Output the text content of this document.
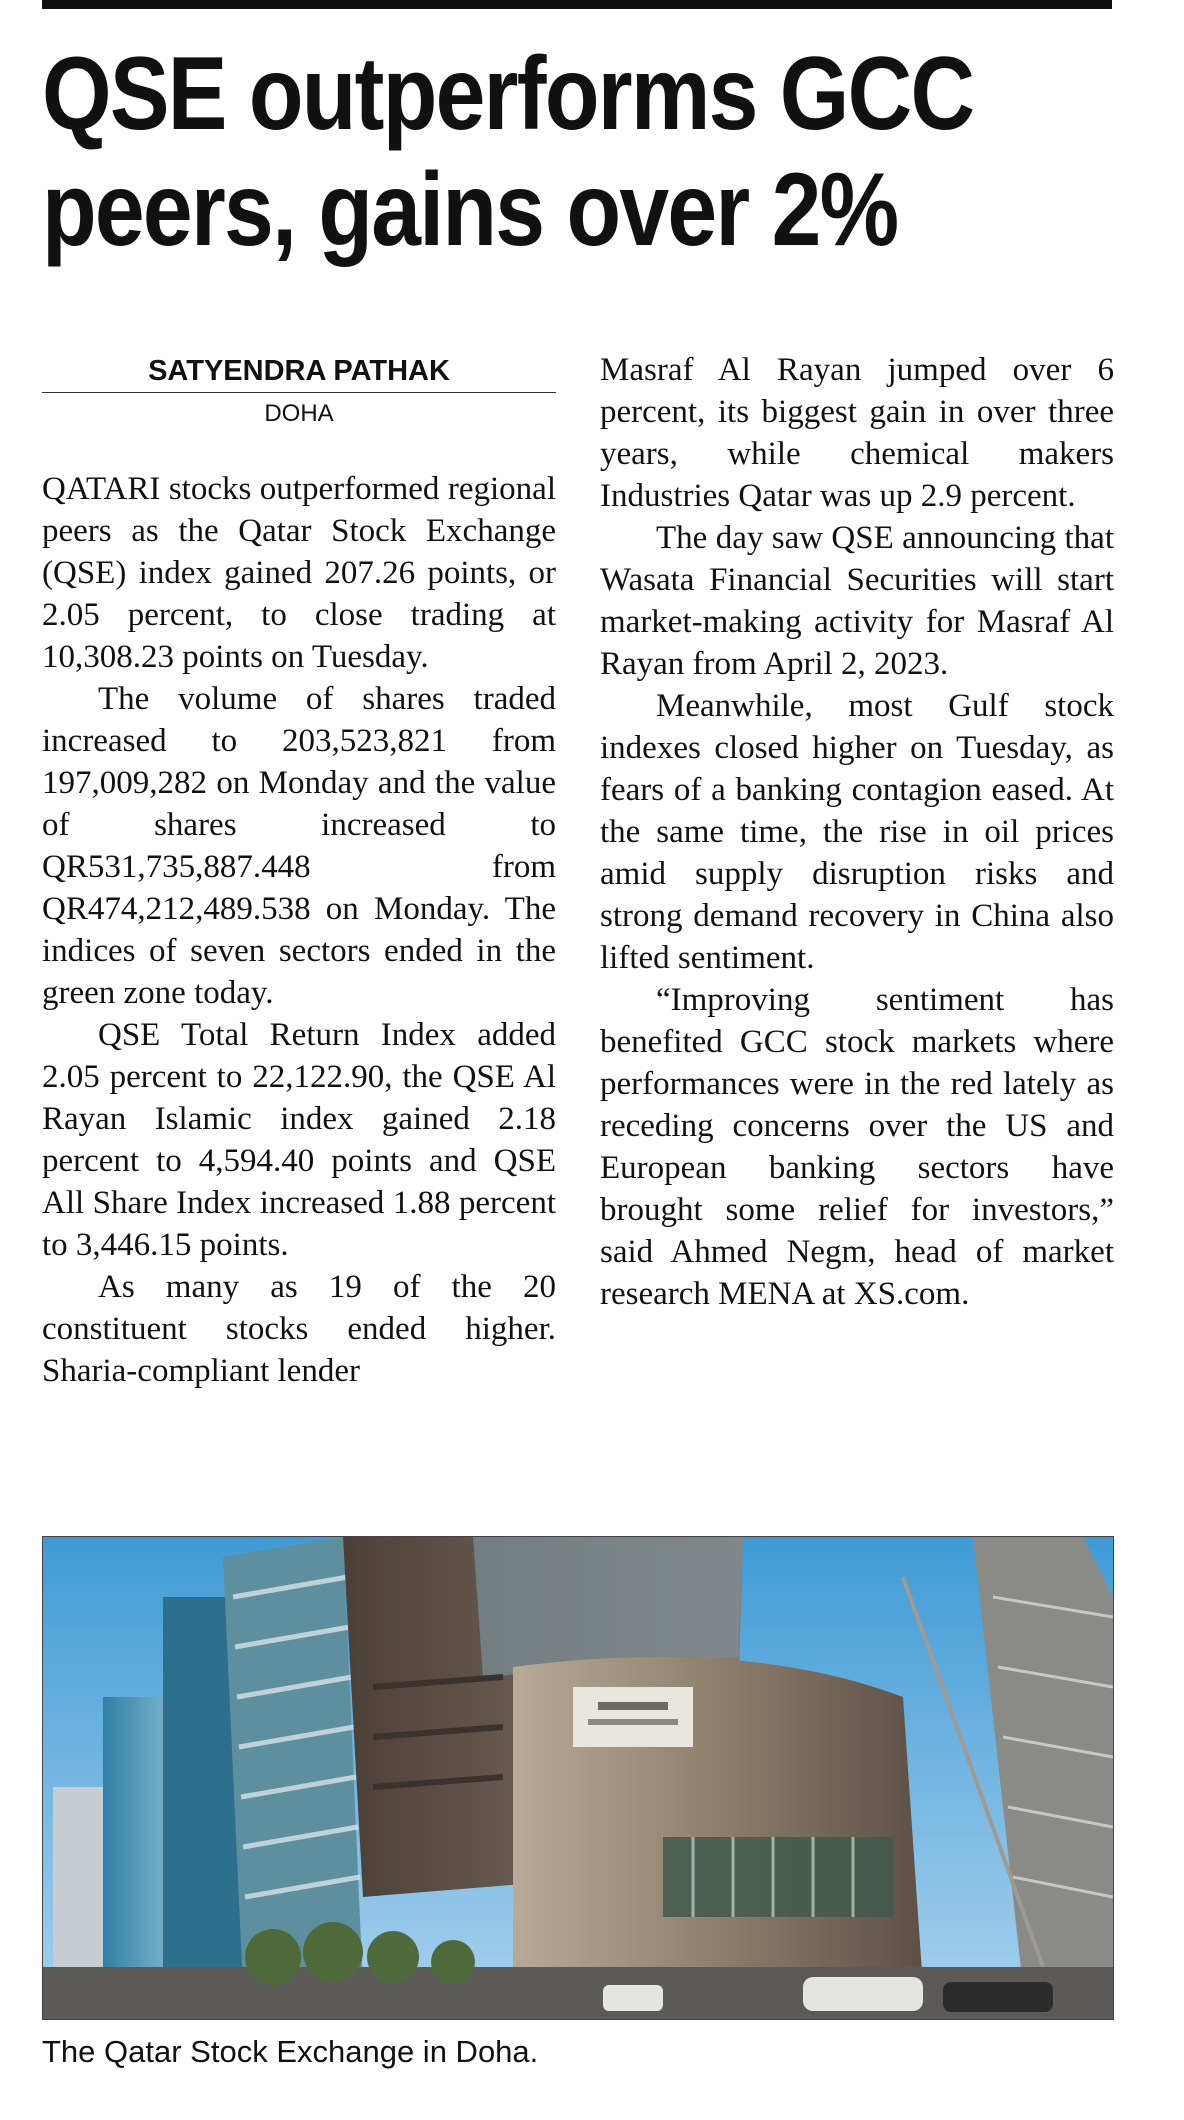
QSE outperforms GCC
peers, gains over 2%
SATYENDRA PATHAK
DOHA

QATARI stocks outperformed regional peers as the Qatar Stock Exchange (QSE) index gained 207.26 points, or 2.05 percent, to close trading at 10,308.23 points on Tuesday.

The volume of shares traded increased to 203,523,821 from 197,009,282 on Monday and the value of shares increased to QR531,735,887.448 from QR474,212,489.538 on Monday. The indices of seven sectors ended in the green zone today.

QSE Total Return Index added 2.05 percent to 22,122.90, the QSE Al Rayan Islamic index gained 2.18 percent to 4,594.40 points and QSE All Share Index increased 1.88 percent to 3,446.15 points.

As many as 19 of the 20 constituent stocks ended higher. Sharia-compliant lender

Masraf Al Rayan jumped over 6 percent, its biggest gain in over three years, while chemical makers Industries Qatar was up 2.9 percent.

The day saw QSE announcing that Wasata Financial Securities will start market-making activity for Masraf Al Rayan from April 2, 2023.

Meanwhile, most Gulf stock indexes closed higher on Tuesday, as fears of a banking contagion eased. At the same time, the rise in oil prices amid supply disruption risks and strong demand recovery in China also lifted sentiment.

“Improving sentiment has benefited GCC stock markets where performances were in the red lately as receding concerns over the US and European banking sectors have brought some relief for investors,” said Ahmed Negm, head of market research MENA at XS.com.

The Qatar Stock Exchange in Doha.
